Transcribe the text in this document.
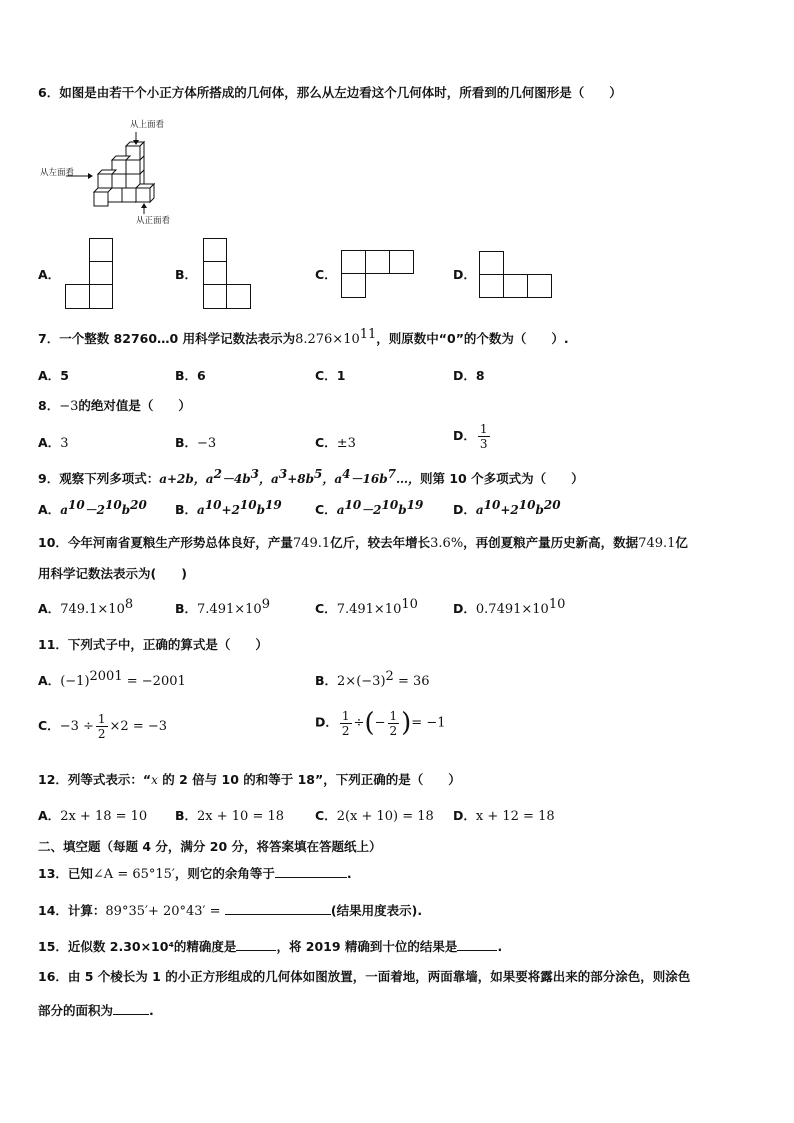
6．如图是由若干个小正方体所搭成的几何体，那么从左边看这个几何体时，所看到的几何图形是（　　）
从上面看
从左面看
从正面看
A．	B．	C．	D．
7．一个整数 82760…0 用科学记数法表示为$8.276\times 10^{11}$，则原数中“0”的个数为（　　）.
A．5	B．6	C．1	D．8
8．−3的绝对值是（　　）
A．3	B．−3	C．±3
D． $\frac{1}{3}$
9．观察下列多项式：a+2b，$a^2-4b^3$，$a^3+8b^5$，$a^4-16b^7\dots$，则第 10 个多项式为（　　）
A．$a^{10}-2^{10}b^{20}$ B．$a^{10}+2^{10}b^{19}$	C．$a^{10}-2^{10}b^{19}$ D．$a^{10}+2^{10}b^{20}$
10．今年河南省夏粮生产形势总体良好，产量749.1亿斤，较去年增长3.6%，再创夏粮产量历史新高，数据749.1亿
用科学记数法表示为(　　)
A．$749.1\times 10^8$	B．$7.491\times 10^9$	C．$7.491\times 10^{10}$	D．$0.7491\times 10^{10}$
11．下列式子中，正确的算式是（　　）
A．$(-1)^{2001} = -2001$	B．$2\times(-3)^2 = 36$
C．$-3 \div \frac{1}{2} \times 2 = -3$	D． $\frac{1}{2}$ ÷(− $\frac{1}{2}$ )= −1
12．列等式表示：“x 的 2 倍与 10 的和等于 18”，下列正确的是（　　）
A．2x + 18 = 10 B．2x + 10 = 18 C．2(x + 10) = 18 D．x + 12 = 18
二、填空题（每题 4 分，满分 20 分，将答案填在答题纸上）
13．已知∠A = 65°15′，则它的余角等于	.
14．计算：89°35′+ 20°43′ =	(结果用度表示).
15．近似数 2.30×10⁴的精确度是	，将 2019 精确到十位的结果是	.
16．由 5 个棱长为 1 的小正方形组成的几何体如图放置，一面着地，两面靠墙，如果要将露出来的部分涂色，则涂色
部分的面积为	.
